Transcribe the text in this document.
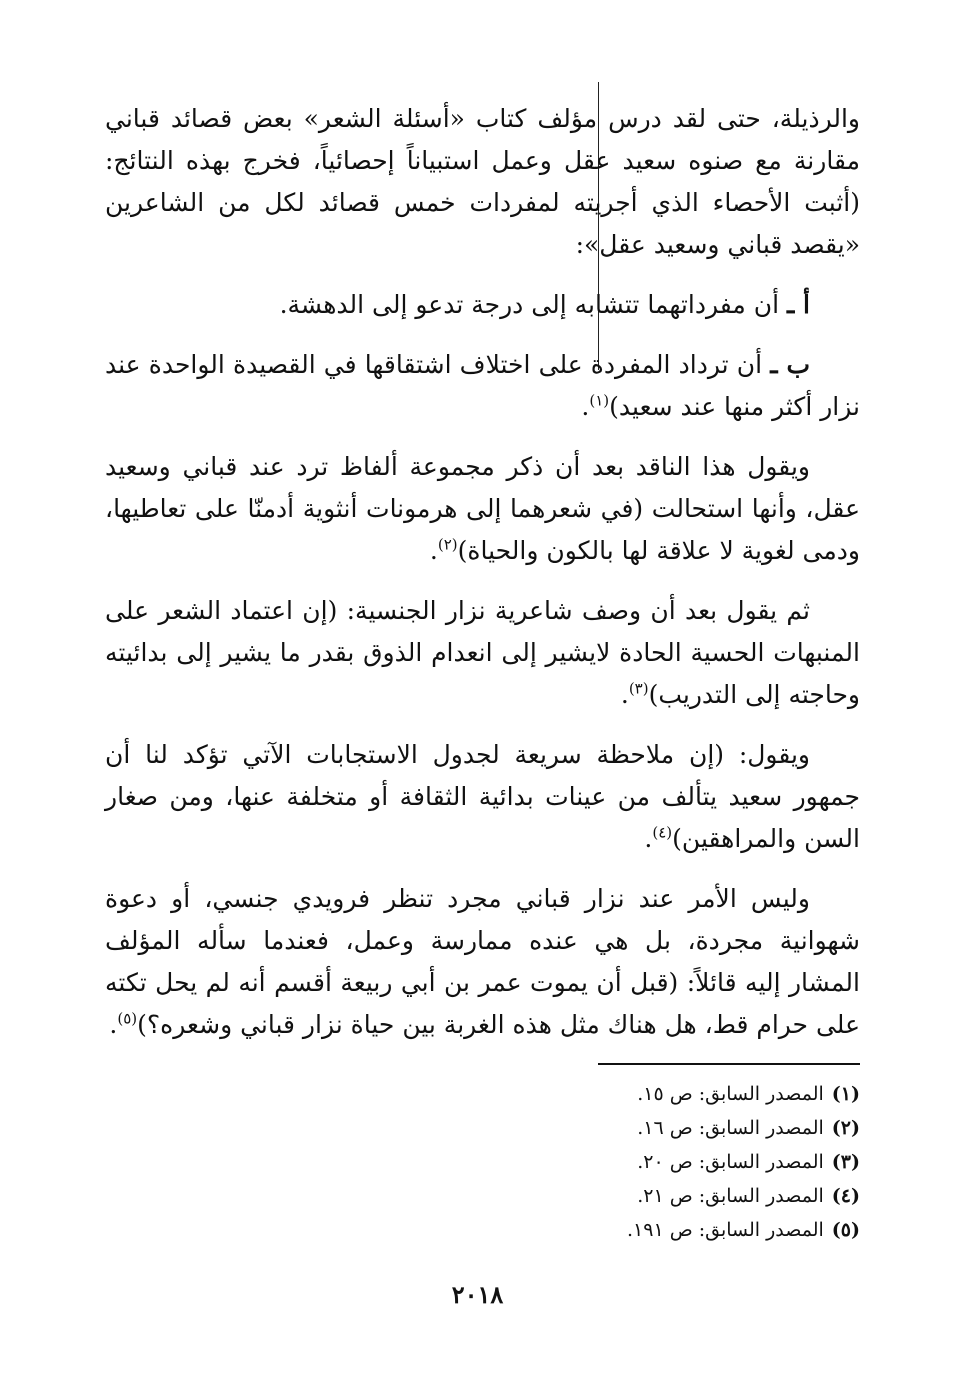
والرذيلة، حتى لقد درس مؤلف كتاب «أسئلة الشعر» بعض قصائد قباني مقارنة مع صنوه سعيد عقل وعمل استبياناً إحصائياً، فخرج بهذه النتائج: (أثبت الأحصاء الذي أجريته لمفردات خمس قصائد لكل من الشاعرين «يقصد قباني وسعيد عقل»:

أ ـ أن مفرداتهما تتشابه إلى درجة تدعو إلى الدهشة.

ب ـ أن ترداد المفردة على اختلاف اشتقاقها في القصيدة الواحدة عند نزار أكثر منها عند سعيد)$^{(١)}$.

ويقول هذا الناقد بعد أن ذكر مجموعة ألفاظ ترد عند قباني وسعيد عقل، وأنها استحالت (في شعرهما إلى هرمونات أنثوية أدمنّا على تعاطيها، ودمى لغوية لا علاقة لها بالكون والحياة)$^{(٢)}$.

ثم يقول بعد أن وصف شاعرية نزار الجنسية: (إن اعتماد الشعر على المنبهات الحسية الحادة لايشير إلى انعدام الذوق بقدر ما يشير إلى بدائيته وحاجته إلى التدريب)$^{(٣)}$.

ويقول: (إن ملاحظة سريعة لجدول الاستجابات الآتي تؤكد لنا أن جمهور سعيد يتألف من عينات بدائية الثقافة أو متخلفة عنها، ومن صغار السن والمراهقين)$^{(٤)}$.

وليس الأمر عند نزار قباني مجرد تنظر فرويدي جنسي، أو دعوة شهوانية مجردة، بل هي عنده ممارسة وعمل، فعندما سأله المؤلف المشار إليه قائلاً: (قبل أن يموت عمر بن أبي ربيعة أقسم أنه لم يحل تكته على حرام قط، هل هناك مثل هذه الغربة بين حياة نزار قباني وشعره؟)$^{(٥)}$.

(١)المصدر السابق: ص ١٥.
(٢)المصدر السابق: ص ١٦.
(٣)المصدر السابق: ص ٢٠.
(٤)المصدر السابق: ص ٢١.
(٥)المصدر السابق: ص ١٩١.
٢٠١٨
